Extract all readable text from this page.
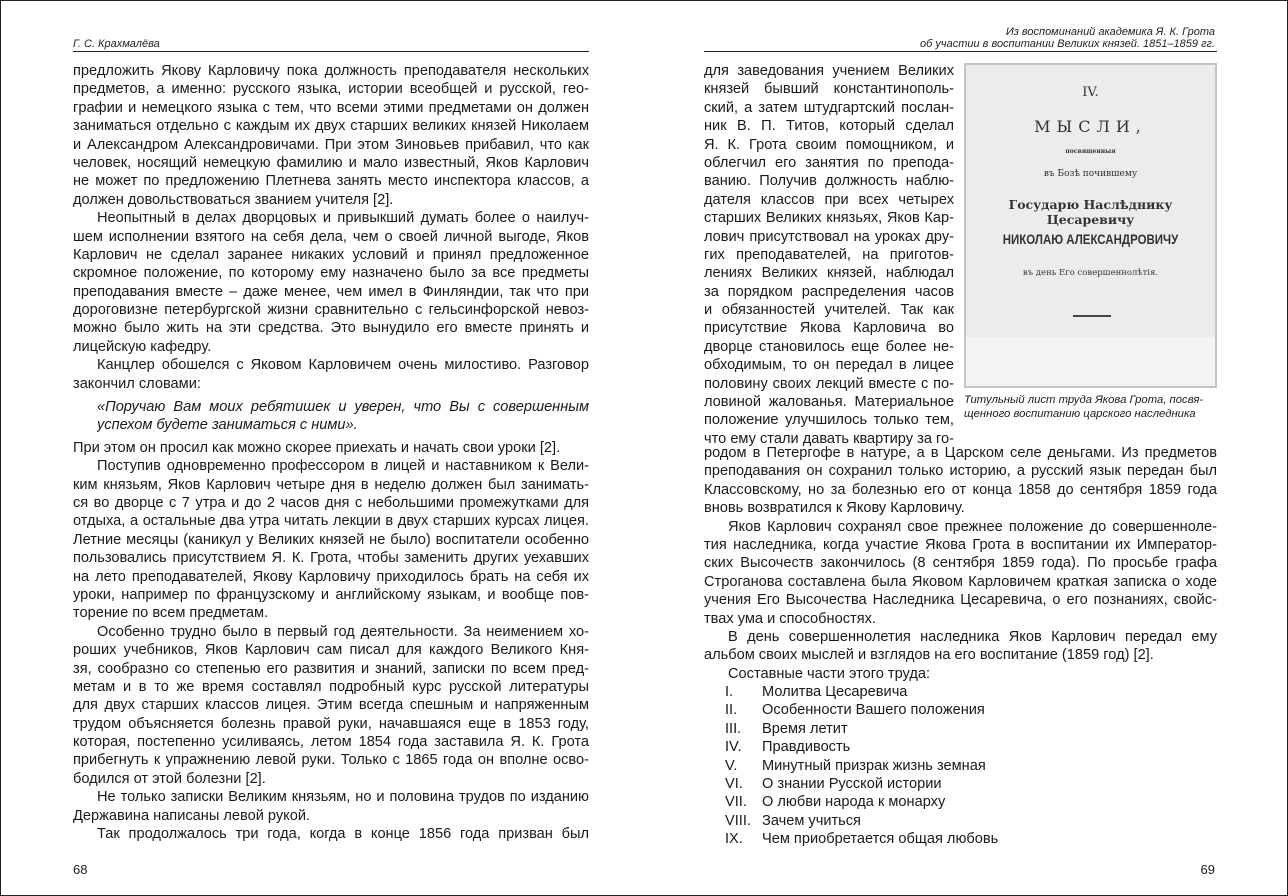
Г. С. Крахмалёва
предложить Якову Карловичу пока должность преподавателя нескольких
предметов, а именно: русского языка, истории всеобщей и русской, гео-
графии и немецкого языка с тем, что всеми этими предметами он должен
заниматься отдельно с каждым их двух старших великих князей Николаем
и Александром Александровичами. При этом Зиновьев прибавил, что как
человек, носящий немецкую фамилию и мало известный, Яков Карлович
не может по предложению Плетнева занять место инспектора классов, а
должен довольствоваться званием учителя [2].
Неопытный в делах дворцовых и привыкший думать более о наилуч-
шем исполнении взятого на себя дела, чем о своей личной выгоде, Яков
Карлович не сделал заранее никаких условий и принял предложенное
скромное положение, по которому ему назначено было за все предметы
преподавания вместе – даже менее, чем имел в Финляндии, так что при
дороговизне петербургской жизни сравнительно с гельсинфорской невоз-
можно было жить на эти средства. Это вынудило его вместе принять и
лицейскую кафедру.
Канцлер обошелся с Яковом Карловичем очень милостиво. Разговор
закончил словами:
«Поручаю Вам моих ребятишек и уверен, что Вы с совершенным
успехом будете заниматься с ними».
При этом он просил как можно скорее приехать и начать свои уроки [2].
Поступив одновременно профессором в лицей и наставником к Вели-
ким князьям, Яков Карлович четыре дня в неделю должен был занимать-
ся во дворце с 7 утра и до 2 часов дня с небольшими промежутками для
отдыха, а остальные два утра читать лекции в двух старших курсах лицея.
Летние месяцы (каникул у Великих князей не было) воспитатели особенно
пользовались присутствием Я. К. Грота, чтобы заменить других уехавших
на лето преподавателей, Якову Карловичу приходилось брать на себя их
уроки, например по французскому и английскому языкам, и вообще пов-
торение по всем предметам.
Особенно трудно было в первый год деятельности. За неимением хо-
роших учебников, Яков Карлович сам писал для каждого Великого Кня-
зя, сообразно со степенью его развития и знаний, записки по всем пред-
метам и в то же время составлял подробный курс русской литературы
для двух старших классов лицея. Этим всегда спешным и напряженным
трудом объясняется болезнь правой руки, начавшаяся еще в 1853 году,
которая, постепенно усиливаясь, летом 1854 года заставила Я. К. Грота
прибегнуть к упражнению левой руки. Только с 1865 года он вполне осво-
бодился от этой болезни [2].
Не только записки Великим князьям, но и половина трудов по изданию
Державина написаны левой рукой.
Так продолжалось три года, когда в конце 1856 года призван был
68
Из воспоминаний академика Я. К. Грота
об участии в воспитании Великих князей. 1851–1859 гг.
для заведования учением Великих
князей бывший константинополь-
ский, а затем штудгартский послан-
ник В. П. Титов, который сделал
Я. К. Грота своим помощником, и
облегчил его занятия по препода-
ванию. Получив должность наблю-
дателя классов при всех четырех
старших Великих князьях, Яков Кар-
лович присутствовал на уроках дру-
гих преподавателей, на приготов-
лениях Великих князей, наблюдал
за порядком распределения часов
и обязанностей учителей. Так как
присутствие Якова Карловича во
дворце становилось еще более не-
обходимым, то он передал в лицее
половину своих лекций вместе с по-
ловиной жалованья. Материальное
положение улучшилось только тем,
что ему стали давать квартиру за го-
IV.
МЫСЛИ,
посвященныя
въ Бозѣ почившему
Государю Наслѣднику Цесаревичу
НИКОЛАЮ АЛЕКСАНДРОВИЧУ
въ день Его совершеннолѣтія.
Титульный лист труда Якова Грота, посвя-
щенного воспитанию царского наследника
родом в Петергофе в натуре, а в Царском селе деньгами. Из предметов
преподавания он сохранил только историю, а русский язык передан был
Классовскому, но за болезнью его от конца 1858 до сентября 1859 года
вновь возвратился к Якову Карловичу.
Яков Карлович сохранял свое прежнее положение до совершенноле-
тия наследника, когда участие Якова Грота в воспитании их Император-
ских Высочеств закончилось (8 сентября 1859 года). По просьбе графа
Строганова составлена была Яковом Карловичем краткая записка о ходе
учения Его Высочества Наследника Цесаревича, о его познаниях, свойс-
твах ума и способностях.
В день совершеннолетия наследника Яков Карлович передал ему
альбом своих мыслей и взглядов на его воспитание (1859 год) [2].
Составные части этого труда:
I.	Молитва Цесаревича
II.	Особенности Вашего положения
III.	Время летит
IV.	Правдивость
V.	Минутный призрак жизнь земная
VI.	О знании Русской истории
VII.	О любви народа к монарху
VIII. Зачем учиться
IX.	Чем приобретается общая любовь
69
